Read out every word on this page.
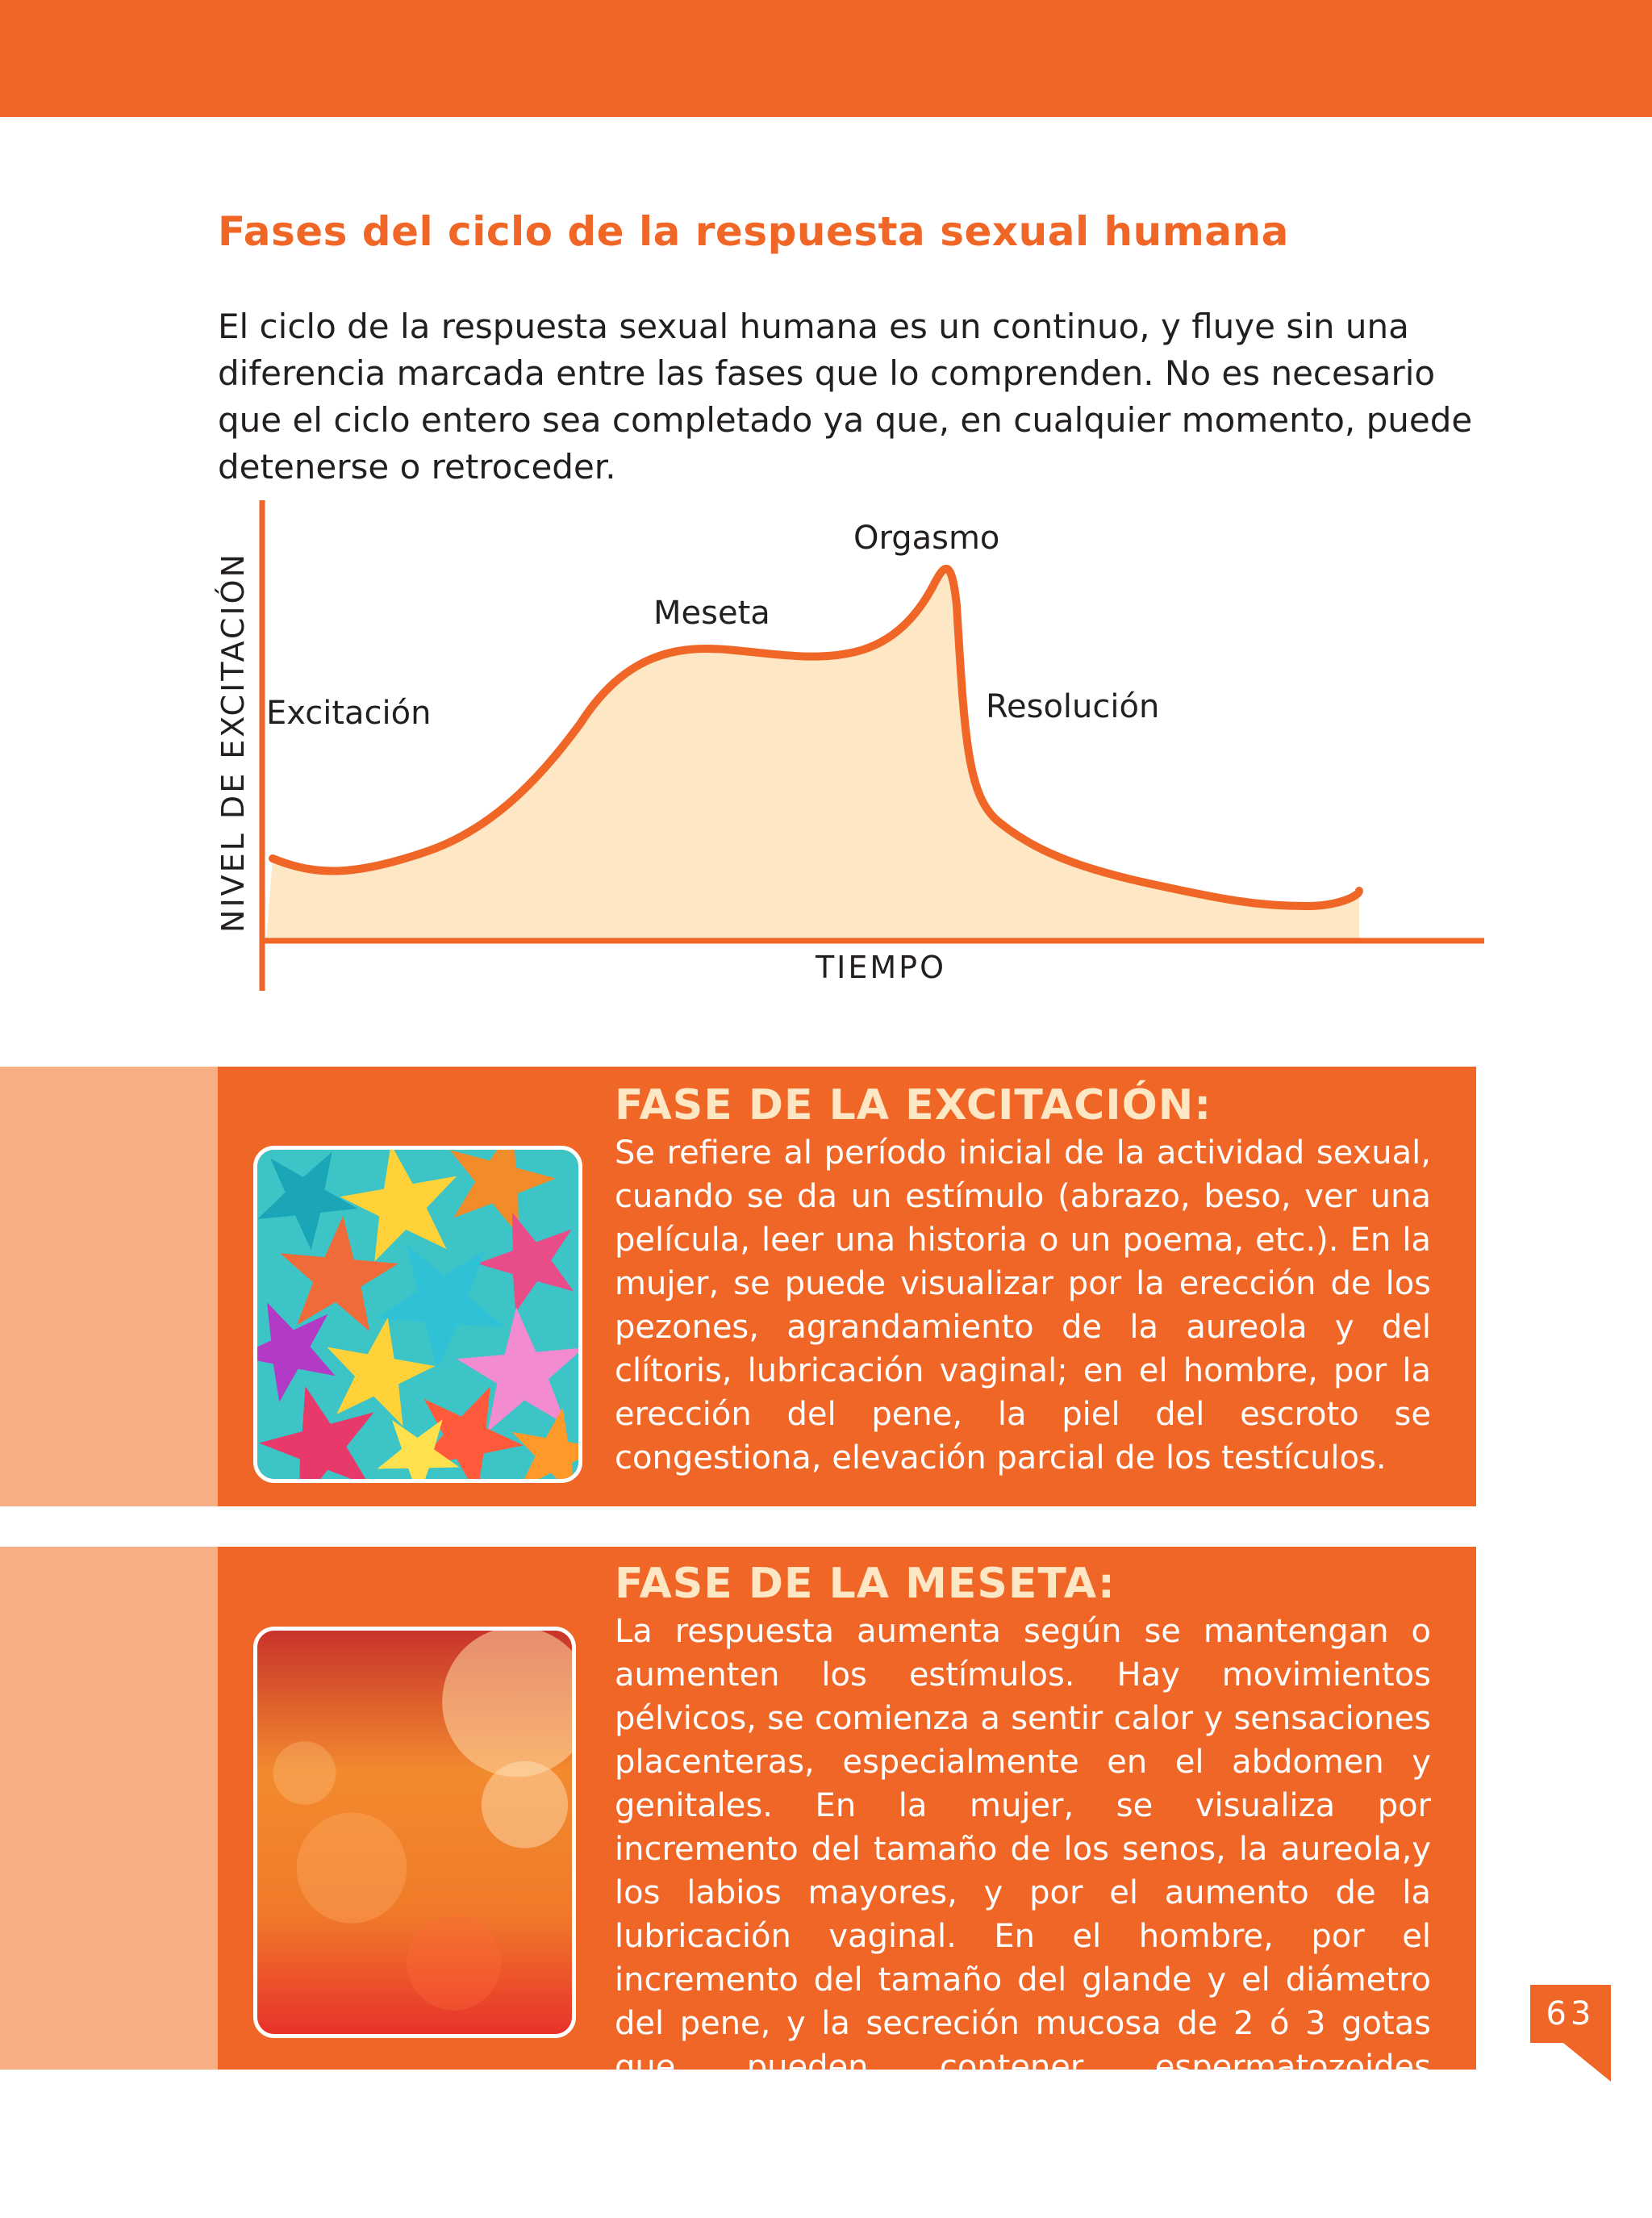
Fases del ciclo de la respuesta sexual humana

El ciclo de la respuesta sexual humana es un continuo, y fluye sin una diferencia marcada entre las fases que lo comprenden. No es necesario que el ciclo entero sea completado ya que, en cualquier momento, puede detenerse o retroceder.

NIVEL DE EXCITACIÓN
TIEMPO
Excitación
Meseta
Orgasmo
Resolución
FASE DE LA EXCITACIÓN:

Se refiere al período inicial de la actividad sexual, cuando se da un estímulo (abrazo, beso, ver una película, leer una historia o un poema, etc.). En la mujer, se puede visualizar por la erección de los pezones, agrandamiento de la aureola y del clítoris, lubricación vaginal; en el hombre, por la erección del pene, la piel del escroto se congestiona, elevación parcial de los testículos.

FASE DE LA MESETA:

La respuesta aumenta según se mantengan o aumenten los estímulos. Hay movimientos pélvicos, se comienza a sentir calor y sensaciones placenteras, especialmente en el abdomen y genitales. En la mujer, se visualiza por incremento del tamaño de los senos, la aureola,y los labios mayores, y por el aumento de la lubricación vaginal. En el hombre, por el incremento del tamaño del glande y el diámetro del pene, y la secreción mucosa de 2 ó 3 gotas que pueden contener espermatozoides fecundantes.

63
